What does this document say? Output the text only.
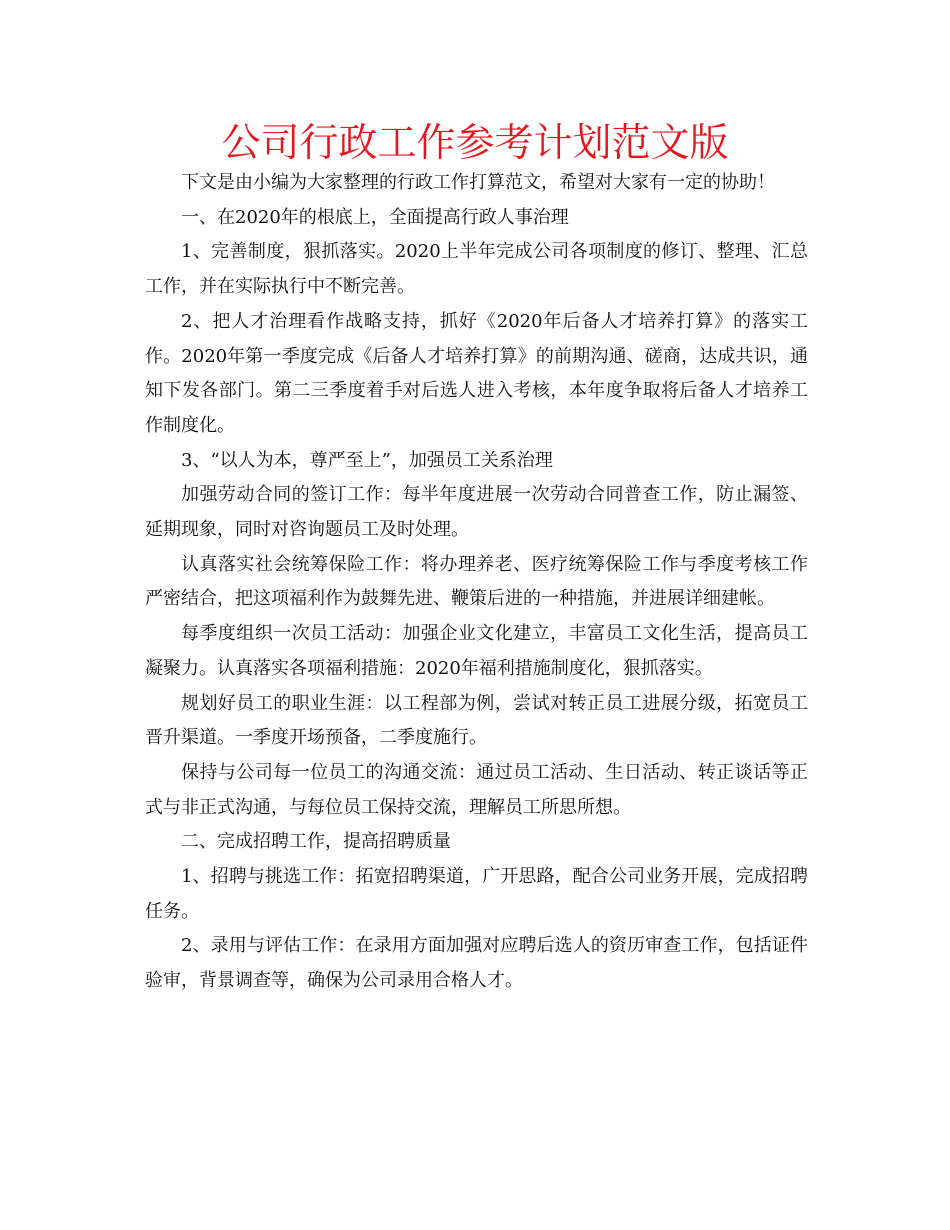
公司行政工作参考计划范文版

下文是由小编为大家整理的行政工作打算范文，希望对大家有一定的协助！

一、在2020年的根底上，全面提高行政人事治理

1、完善制度，狠抓落实。2020上半年完成公司各项制度的修订、整理、汇总工作，并在实际执行中不断完善。

2、把人才治理看作战略支持，抓好《2020年后备人才培养打算》的落实工作。2020年第一季度完成《后备人才培养打算》的前期沟通、磋商，达成共识，通知下发各部门。第二三季度着手对后选人进入考核，本年度争取将后备人才培养工作制度化。

3、“以人为本，尊严至上”，加强员工关系治理

加强劳动合同的签订工作：每半年度进展一次劳动合同普查工作，防止漏签、延期现象，同时对咨询题员工及时处理。

认真落实社会统筹保险工作：将办理养老、医疗统筹保险工作与季度考核工作严密结合，把这项福利作为鼓舞先进、鞭策后进的一种措施，并进展详细建帐。

每季度组织一次员工活动：加强企业文化建立，丰富员工文化生活，提高员工凝聚力。认真落实各项福利措施：2020年福利措施制度化，狠抓落实。

规划好员工的职业生涯：以工程部为例，尝试对转正员工进展分级，拓宽员工晋升渠道。一季度开场预备，二季度施行。

保持与公司每一位员工的沟通交流：通过员工活动、生日活动、转正谈话等正式与非正式沟通，与每位员工保持交流，理解员工所思所想。

二、完成招聘工作，提高招聘质量

1、招聘与挑选工作：拓宽招聘渠道，广开思路，配合公司业务开展，完成招聘任务。

2、录用与评估工作：在录用方面加强对应聘后选人的资历审查工作，包括证件验审，背景调查等，确保为公司录用合格人才。
